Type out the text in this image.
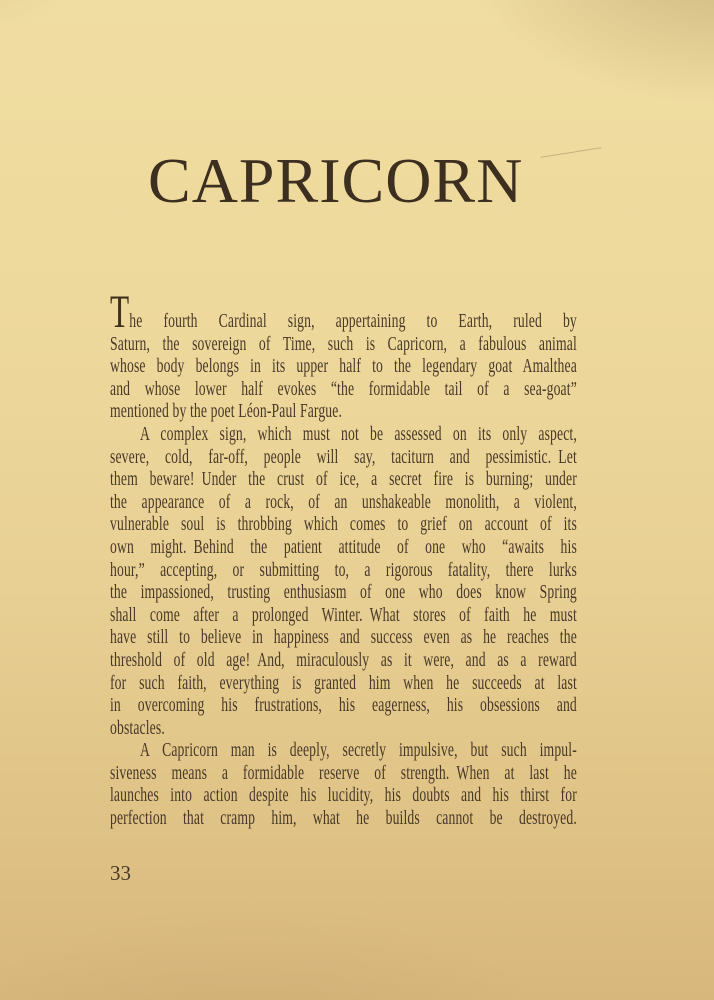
CAPRICORN
The fourth Cardinal sign, appertaining to Earth, ruled by
Saturn, the sovereign of Time, such is Capricorn, a fabulous animal
whose body belongs in its upper half to the legendary goat Amalthea
and whose lower half evokes “the formidable tail of a sea-goat”
mentioned by the poet Léon-Paul Fargue.
A complex sign, which must not be assessed on its only aspect,
severe, cold, far-off, people will say, taciturn and pessimistic. Let
them beware! Under the crust of ice, a secret fire is burning; under
the appearance of a rock, of an unshakeable monolith, a violent,
vulnerable soul is throbbing which comes to grief on account of its
own might. Behind the patient attitude of one who “awaits his
hour,” accepting, or submitting to, a rigorous fatality, there lurks
the impassioned, trusting enthusiasm of one who does know Spring
shall come after a prolonged Winter. What stores of faith he must
have still to believe in happiness and success even as he reaches the
threshold of old age! And, miraculously as it were, and as a reward
for such faith, everything is granted him when he succeeds at last
in overcoming his frustrations, his eagerness, his obsessions and
obstacles.
A Capricorn man is deeply, secretly impulsive, but such impul-
siveness means a formidable reserve of strength. When at last he
launches into action despite his lucidity, his doubts and his thirst for
perfection that cramp him, what he builds cannot be destroyed.
33
